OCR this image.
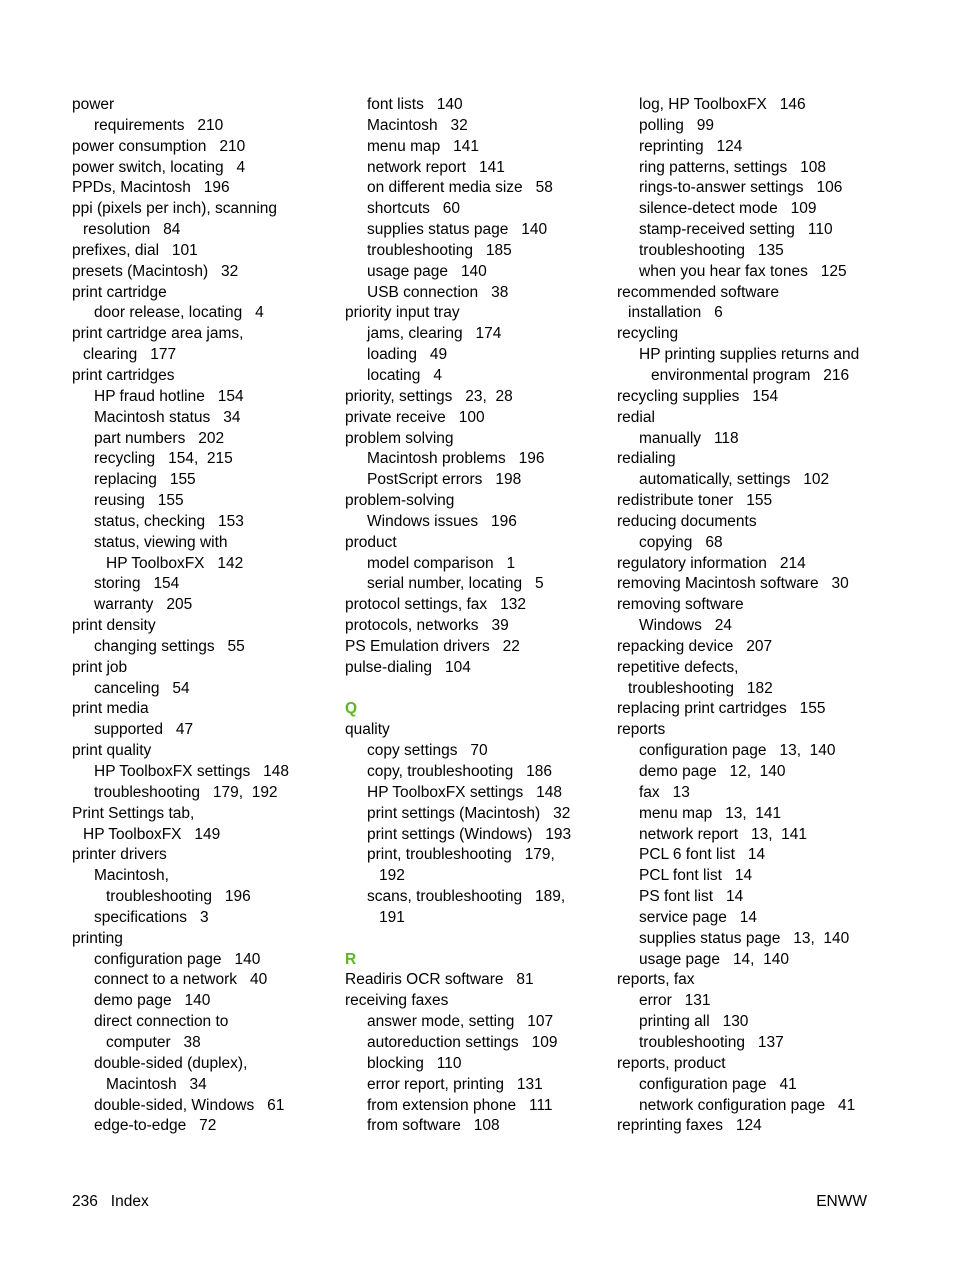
power
requirements   210
power consumption   210
power switch, locating   4
PPDs, Macintosh   196
ppi (pixels per inch), scanning
resolution   84
prefixes, dial   101
presets (Macintosh)   32
print cartridge
door release, locating   4
print cartridge area jams,
clearing   177
print cartridges
HP fraud hotline   154
Macintosh status   34
part numbers   202
recycling   154,  215
replacing   155
reusing   155
status, checking   153
status, viewing with
HP ToolboxFX   142
storing   154
warranty   205
print density
changing settings   55
print job
canceling   54
print media
supported   47
print quality
HP ToolboxFX settings   148
troubleshooting   179,  192
Print Settings tab,
HP ToolboxFX   149
printer drivers
Macintosh,
troubleshooting   196
specifications   3
printing
configuration page   140
connect to a network   40
demo page   140
direct connection to
computer   38
double-sided (duplex),
Macintosh   34
double-sided, Windows   61
edge-to-edge   72
font lists   140
Macintosh   32
menu map   141
network report   141
on different media size   58
shortcuts   60
supplies status page   140
troubleshooting   185
usage page   140
USB connection   38
priority input tray
jams, clearing   174
loading   49
locating   4
priority, settings   23,  28
private receive   100
problem solving
Macintosh problems   196
PostScript errors   198
problem-solving
Windows issues   196
product
model comparison   1
serial number, locating   5
protocol settings, fax   132
protocols, networks   39
PS Emulation drivers   22
pulse-dialing   104
Q
quality
copy settings   70
copy, troubleshooting   186
HP ToolboxFX settings   148
print settings (Macintosh)   32
print settings (Windows)   193
print, troubleshooting   179,
192
scans, troubleshooting   189,
191
R
Readiris OCR software   81
receiving faxes
answer mode, setting   107
autoreduction settings   109
blocking   110
error report, printing   131
from extension phone   111
from software   108
log, HP ToolboxFX   146
polling   99
reprinting   124
ring patterns, settings   108
rings-to-answer settings   106
silence-detect mode   109
stamp-received setting   110
troubleshooting   135
when you hear fax tones   125
recommended software
installation   6
recycling
HP printing supplies returns and
environmental program   216
recycling supplies   154
redial
manually   118
redialing
automatically, settings   102
redistribute toner   155
reducing documents
copying   68
regulatory information   214
removing Macintosh software   30
removing software
Windows   24
repacking device   207
repetitive defects,
troubleshooting   182
replacing print cartridges   155
reports
configuration page   13,  140
demo page   12,  140
fax   13
menu map   13,  141
network report   13,  141
PCL 6 font list   14
PCL font list   14
PS font list   14
service page   14
supplies status page   13,  140
usage page   14,  140
reports, fax
error   131
printing all   130
troubleshooting   137
reports, product
configuration page   41
network configuration page   41
reprinting faxes   124
236 Index	ENWW
